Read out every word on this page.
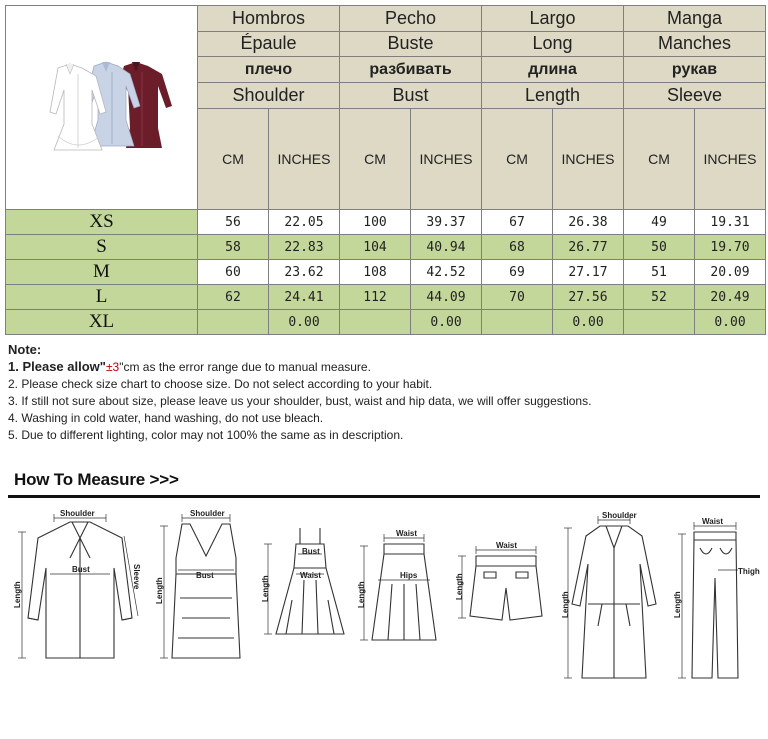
	Hombros		Pecho		Largo		Manga	
	Épaule		Buste		Long		Manches	
	плечо		разбивать		длина		рукав	
	Shoulder		Bust		Length		Sleeve	
	CM	INCHES	CM	INCHES	CM	INCHES	CM	INCHES
XS	56	22.05	100	39.37	67	26.38	49	19.31
S	58	22.83	104	40.94	68	26.77	50	19.70
M	60	23.62	108	42.52	69	27.17	51	20.09
L	62	24.41	112	44.09	70	27.56	52	20.49
XL		0.00		0.00		0.00		0.00
Note:
1. Please allow"±3"cm as the error range due to manual measure.
2. Please check size chart to choose size. Do not select according to your habit.
3. If still not sure about size, please leave us your shoulder, bust, waist and hip data, we will offer suggestions.
4. Washing in cold water, hand washing, do not use bleach.
5. Due to different lighting, color may not 100% the same as in description.
How To Measure >>>
Shoulder
Bust
Length
Sleeve
Shoulder
Bust
Length
Bust
Waist
Length
Waist
Hips
Length
Waist
Length
Shoulder
Length
Waist
Thigh
Length
